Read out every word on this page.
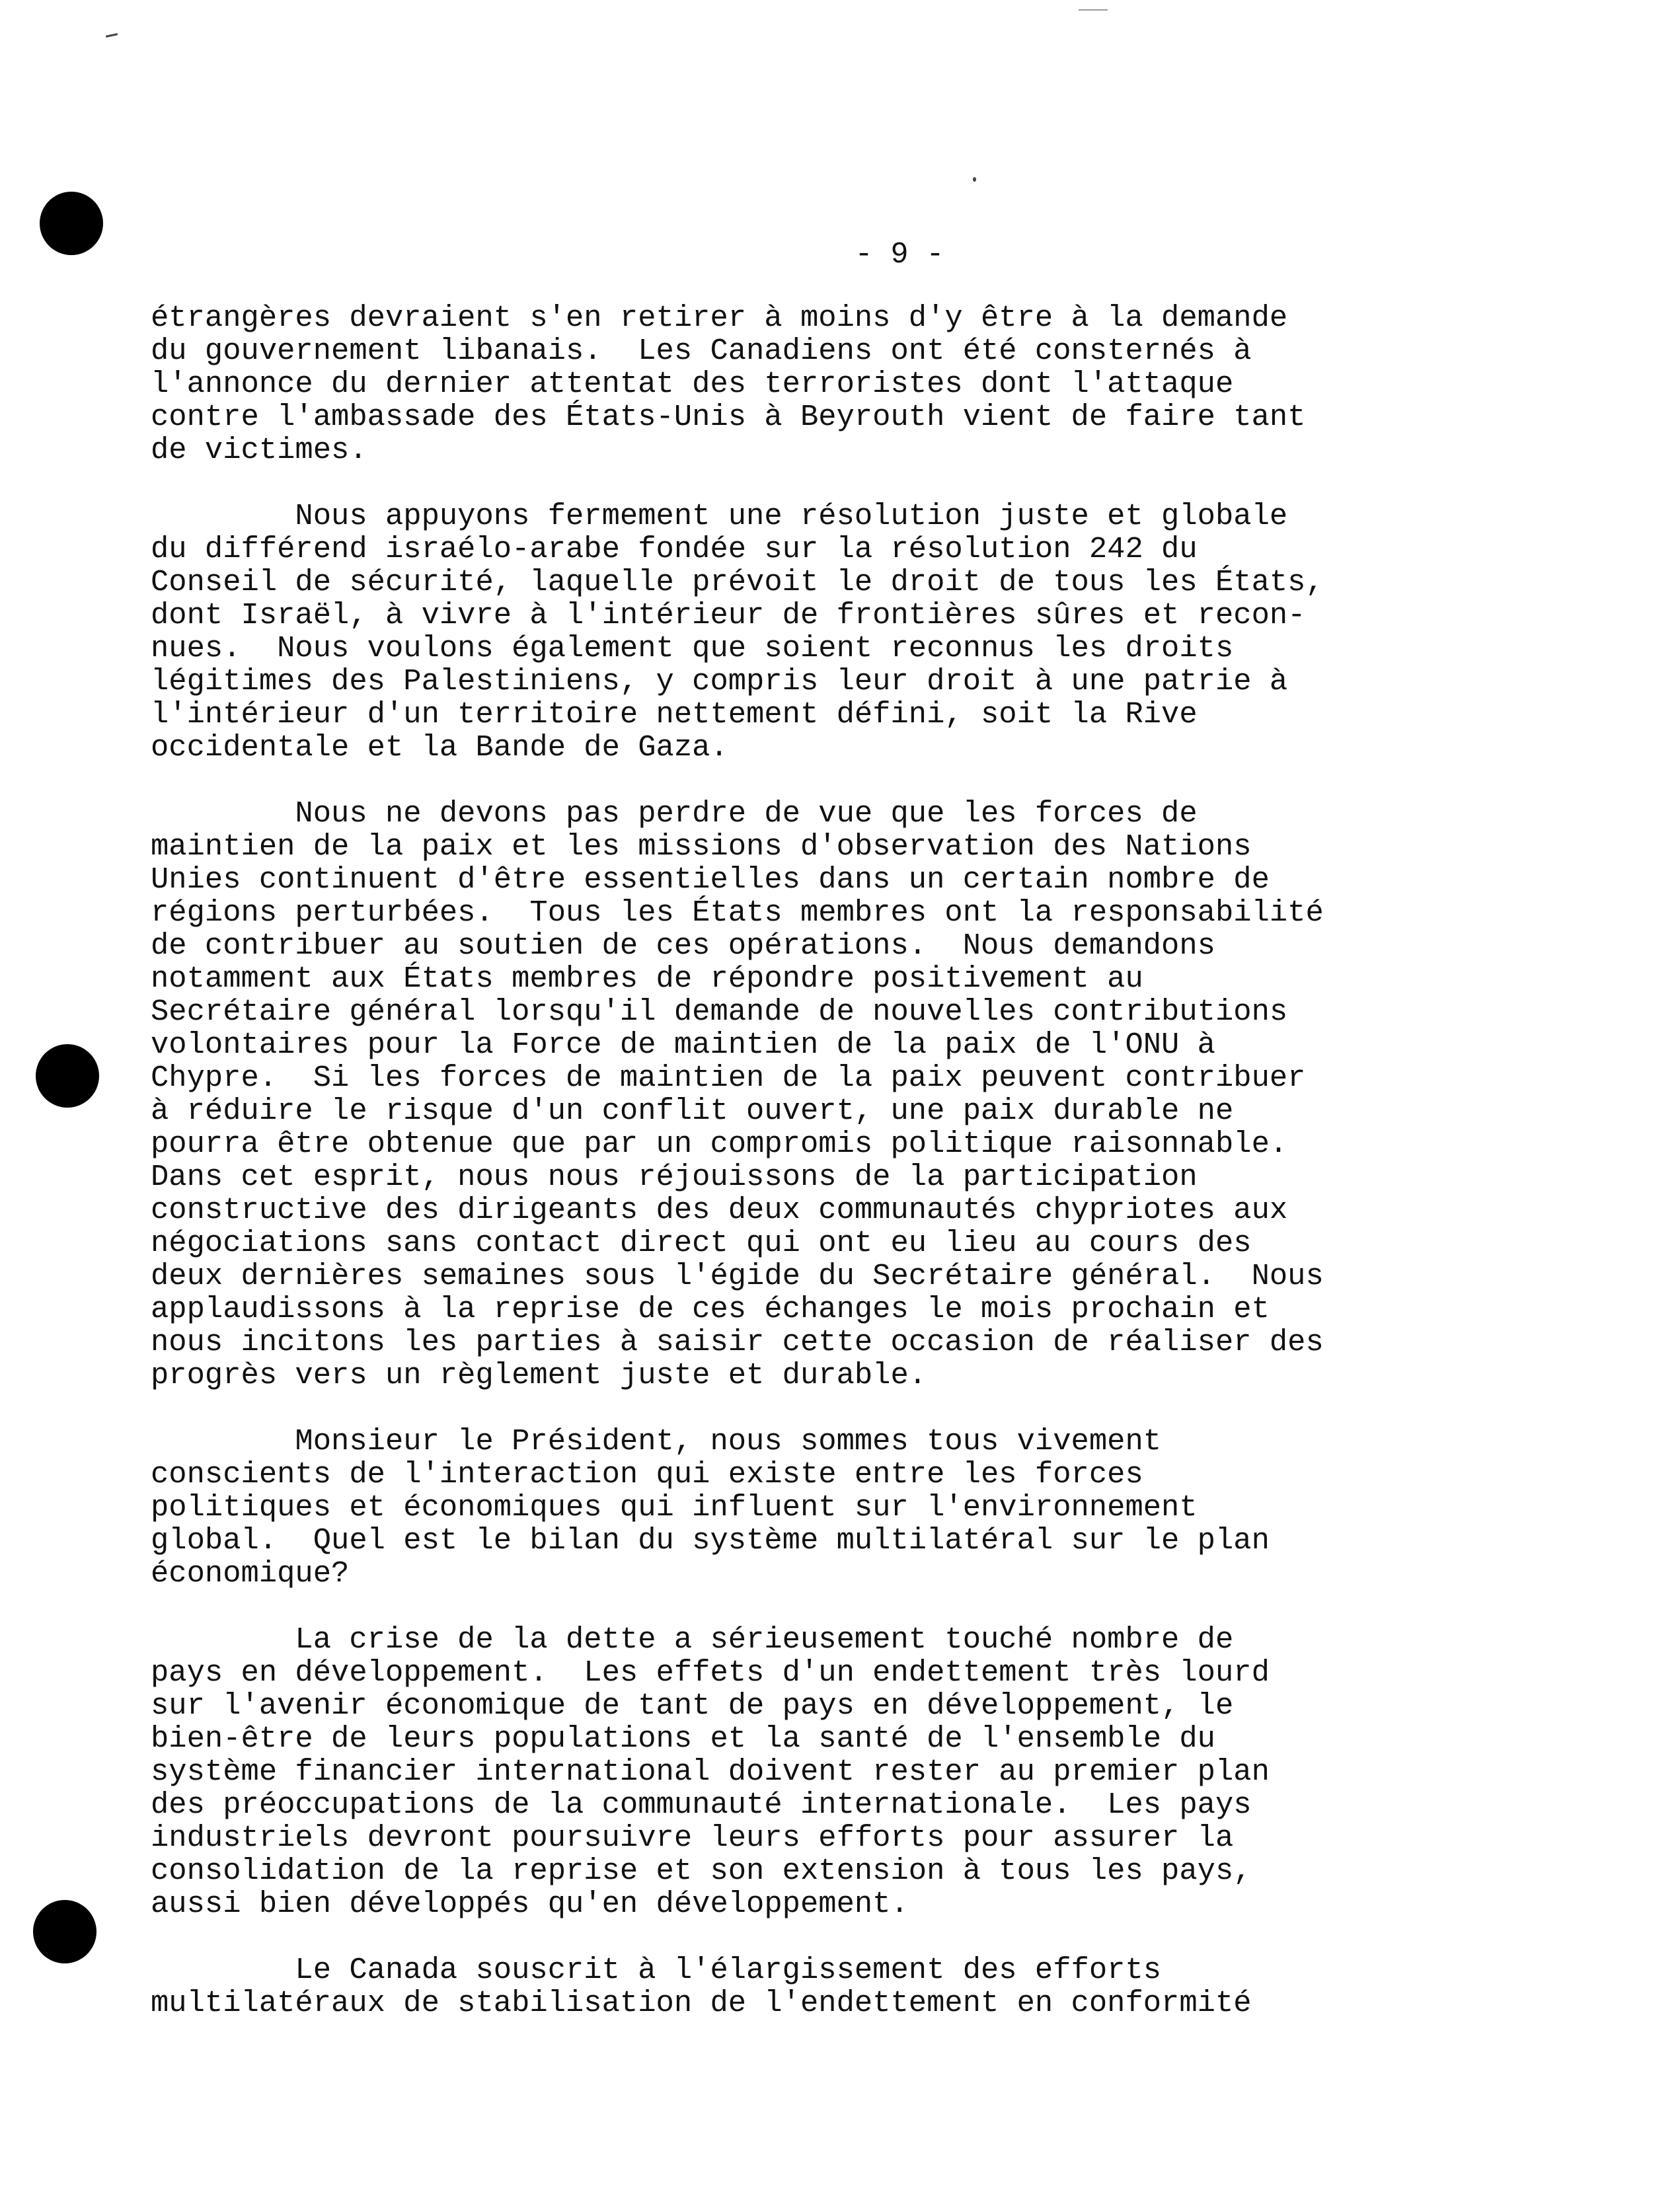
- 9 -
étrangères devraient s'en retirer à moins d'y être à la demande
du gouvernement libanais.  Les Canadiens ont été consternés à
l'annonce du dernier attentat des terroristes dont l'attaque
contre l'ambassade des États-Unis à Beyrouth vient de faire tant
de victimes.
Nous appuyons fermement une résolution juste et globale
du différend israélo-arabe fondée sur la résolution 242 du
Conseil de sécurité, laquelle prévoit le droit de tous les États,
dont Israël, à vivre à l'intérieur de frontières sûres et recon-
nues.  Nous voulons également que soient reconnus les droits
légitimes des Palestiniens, y compris leur droit à une patrie à
l'intérieur d'un territoire nettement défini, soit la Rive
occidentale et la Bande de Gaza.
Nous ne devons pas perdre de vue que les forces de
maintien de la paix et les missions d'observation des Nations
Unies continuent d'être essentielles dans un certain nombre de
régions perturbées.  Tous les États membres ont la responsabilité
de contribuer au soutien de ces opérations.  Nous demandons
notamment aux États membres de répondre positivement au
Secrétaire général lorsqu'il demande de nouvelles contributions
volontaires pour la Force de maintien de la paix de l'ONU à
Chypre.  Si les forces de maintien de la paix peuvent contribuer
à réduire le risque d'un conflit ouvert, une paix durable ne
pourra être obtenue que par un compromis politique raisonnable.
Dans cet esprit, nous nous réjouissons de la participation
constructive des dirigeants des deux communautés chypriotes aux
négociations sans contact direct qui ont eu lieu au cours des
deux dernières semaines sous l'égide du Secrétaire général.  Nous
applaudissons à la reprise de ces échanges le mois prochain et
nous incitons les parties à saisir cette occasion de réaliser des
progrès vers un règlement juste et durable.
Monsieur le Président, nous sommes tous vivement
conscients de l'interaction qui existe entre les forces
politiques et économiques qui influent sur l'environnement
global.  Quel est le bilan du système multilatéral sur le plan
économique?
La crise de la dette a sérieusement touché nombre de
pays en développement.  Les effets d'un endettement très lourd
sur l'avenir économique de tant de pays en développement, le
bien-être de leurs populations et la santé de l'ensemble du
système financier international doivent rester au premier plan
des préoccupations de la communauté internationale.  Les pays
industriels devront poursuivre leurs efforts pour assurer la
consolidation de la reprise et son extension à tous les pays,
aussi bien développés qu'en développement.
Le Canada souscrit à l'élargissement des efforts
multilatéraux de stabilisation de l'endettement en conformité
